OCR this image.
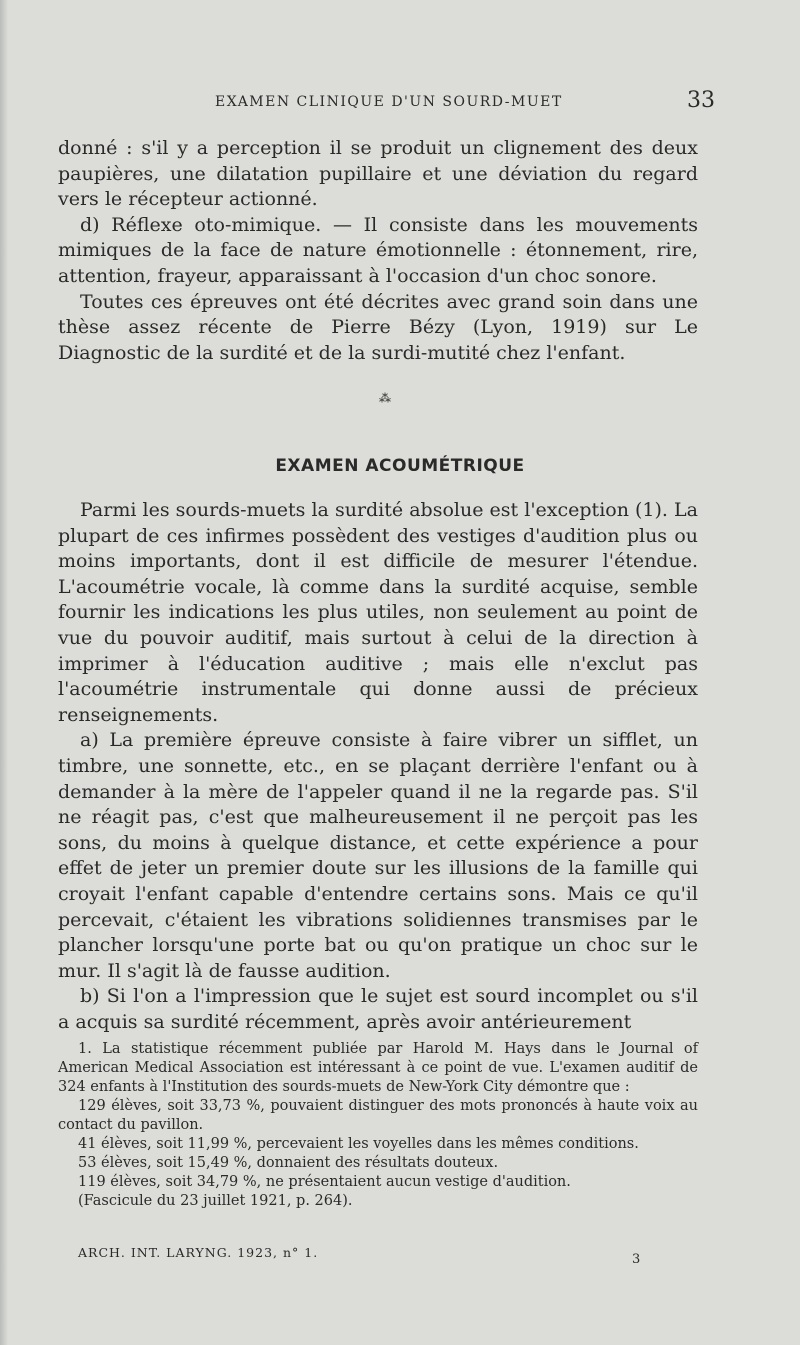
EXAMEN CLINIQUE D'UN SOURD-MUET	33

donné : s'il y a perception il se produit un clignement des deux paupières, une dilatation pupillaire et une déviation du regard vers le récepteur actionné.

d) Réflexe oto-mimique. — Il consiste dans les mouvements mimiques de la face de nature émotionnelle : étonnement, rire, attention, frayeur, apparaissant à l'occasion d'un choc sonore.

Toutes ces épreuves ont été décrites avec grand soin dans une thèse assez récente de Pierre Bézy (Lyon, 1919) sur Le Diagnostic de la surdité et de la surdi-mutité chez l'enfant.

⁂
EXAMEN ACOUMÉTRIQUE

Parmi les sourds-muets la surdité absolue est l'exception (1). La plupart de ces infirmes possèdent des vestiges d'audition plus ou moins importants, dont il est difficile de mesurer l'étendue. L'acoumétrie vocale, là comme dans la surdité acquise, semble fournir les indications les plus utiles, non seulement au point de vue du pouvoir auditif, mais surtout à celui de la direction à imprimer à l'éducation auditive ; mais elle n'exclut pas l'acoumétrie instrumentale qui donne aussi de précieux renseignements.

a) La première épreuve consiste à faire vibrer un sifflet, un timbre, une sonnette, etc., en se plaçant derrière l'enfant ou à demander à la mère de l'appeler quand il ne la regarde pas. S'il ne réagit pas, c'est que malheureusement il ne perçoit pas les sons, du moins à quelque distance, et cette expérience a pour effet de jeter un premier doute sur les illusions de la famille qui croyait l'enfant capable d'entendre certains sons. Mais ce qu'il percevait, c'étaient les vibrations solidiennes transmises par le plancher lorsqu'une porte bat ou qu'on pratique un choc sur le mur. Il s'agit là de fausse audition.

b) Si l'on a l'impression que le sujet est sourd incomplet ou s'il a acquis sa surdité récemment, après avoir antérieurement

1. La statistique récemment publiée par Harold M. Hays dans le Journal of American Medical Association est intéressant à ce point de vue. L'examen auditif de 324 enfants à l'Institution des sourds-muets de New-York City démontre que :

129 élèves, soit 33,73 %, pouvaient distinguer des mots prononcés à haute voix au contact du pavillon.

41 élèves, soit 11,99 %, percevaient les voyelles dans les mêmes conditions.

53 élèves, soit 15,49 %, donnaient des résultats douteux.

119 élèves, soit 34,79 %, ne présentaient aucun vestige d'audition.

(Fascicule du 23 juillet 1921, p. 264).

ARCH. INT. LARYNG. 1923, n° 1.	3
